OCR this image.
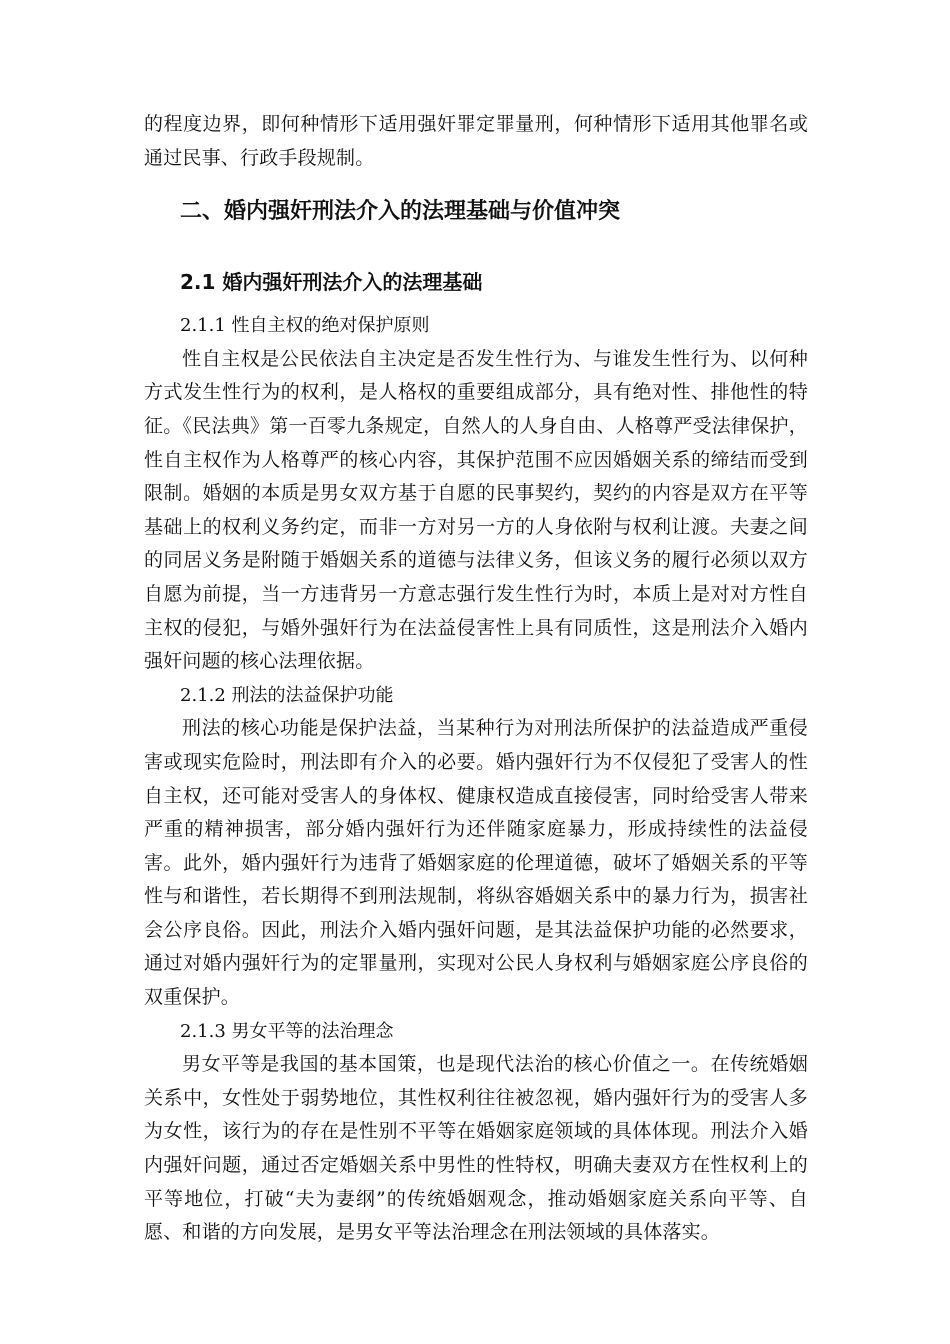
的程度边界，即何种情形下适用强奸罪定罪量刑，何种情形下适用其他罪名或通过民事、行政手段规制。

二、婚内强奸刑法介入的法理基础与价值冲突
2.1 婚内强奸刑法介入的法理基础
2.1.1 性自主权的绝对保护原则

性自主权是公民依法自主决定是否发生性行为、与谁发生性行为、以何种方式发生性行为的权利，是人格权的重要组成部分，具有绝对性、排他性的特征。《民法典》第一百零九条规定，自然人的人身自由、人格尊严受法律保护，性自主权作为人格尊严的核心内容，其保护范围不应因婚姻关系的缔结而受到限制。婚姻的本质是男女双方基于自愿的民事契约，契约的内容是双方在平等基础上的权利义务约定，而非一方对另一方的人身依附与权利让渡。夫妻之间的同居义务是附随于婚姻关系的道德与法律义务，但该义务的履行必须以双方自愿为前提，当一方违背另一方意志强行发生性行为时，本质上是对对方性自主权的侵犯，与婚外强奸行为在法益侵害性上具有同质性，这是刑法介入婚内强奸问题的核心法理依据。

2.1.2 刑法的法益保护功能

刑法的核心功能是保护法益，当某种行为对刑法所保护的法益造成严重侵害或现实危险时，刑法即有介入的必要。婚内强奸行为不仅侵犯了受害人的性自主权，还可能对受害人的身体权、健康权造成直接侵害，同时给受害人带来严重的精神损害，部分婚内强奸行为还伴随家庭暴力，形成持续性的法益侵害。此外，婚内强奸行为违背了婚姻家庭的伦理道德，破坏了婚姻关系的平等性与和谐性，若长期得不到刑法规制，将纵容婚姻关系中的暴力行为，损害社会公序良俗。因此，刑法介入婚内强奸问题，是其法益保护功能的必然要求，通过对婚内强奸行为的定罪量刑，实现对公民人身权利与婚姻家庭公序良俗的双重保护。

2.1.3 男女平等的法治理念

男女平等是我国的基本国策，也是现代法治的核心价值之一。在传统婚姻关系中，女性处于弱势地位，其性权利往往被忽视，婚内强奸行为的受害人多为女性，该行为的存在是性别不平等在婚姻家庭领域的具体体现。刑法介入婚内强奸问题，通过否定婚姻关系中男性的性特权，明确夫妻双方在性权利上的平等地位，打破“夫为妻纲”的传统婚姻观念，推动婚姻家庭关系向平等、自愿、和谐的方向发展，是男女平等法治理念在刑法领域的具体落实。
